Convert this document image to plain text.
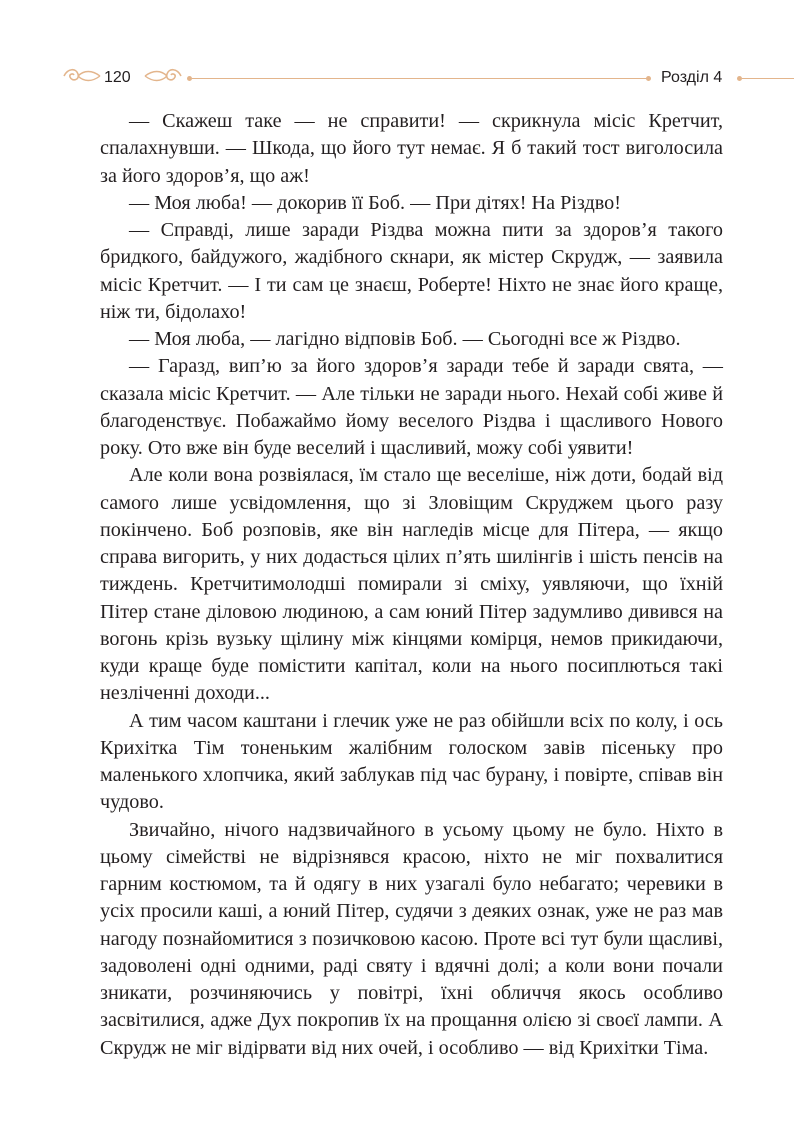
120	Розділ 4

— Скажеш таке — не справити! — скрикнула місіс Кретчит, спалахнувши. — Шкода, що його тут немає. Я б такий тост виголосила за його здоров’я, що аж!

— Моя люба! — докорив її Боб. — При дітях! На Різдво!

— Справді, лише заради Різдва можна пити за здоров’я такого бридкого, байдужого, жадібного скнари, як містер Скрудж, — заявила місіс Кретчит. — І ти сам це знаєш, Роберте! Ніхто не знає його краще, ніж ти, бідолахо!

— Моя люба, — лагідно відповів Боб. — Сьогодні все ж Різдво.

— Гаразд, вип’ю за його здоров’я заради тебе й заради свята, — сказала місіс Кретчит. — Але тільки не заради нього. Нехай собі живе й благоденствує. Побажаймо йому веселого Різдва і щасливого Нового року. Ото вже він буде веселий і щасливий, можу собі уявити!

Але коли вона розвіялася, їм стало ще веселіше, ніж доти, бодай від самого лише усвідомлення, що зі Зловіщим Скруджем цього разу покінчено. Боб розповів, яке він нагледів місце для Пітера, — якщо справа вигорить, у них додасться цілих п’ять шилінгів і шість пенсів на тиждень. Кретчитимолодші помирали зі сміху, уявляючи, що їхній Пітер стане діловою людиною, а сам юний Пітер задумливо дивився на вогонь крізь вузьку щілину між кінцями комірця, немов прикидаючи, куди краще буде помістити капітал, коли на нього посиплються такі незліченні доходи...

А тим часом каштани і глечик уже не раз обійшли всіх по колу, і ось Крихітка Тім тоненьким жалібним голоском завів пісеньку про маленького хлопчика, який заблукав під час бурану, і повірте, співав він чудово.

Звичайно, нічого надзвичайного в усьому цьому не було. Ніхто в цьому сімействі не відрізнявся красою, ніхто не міг похвалитися гарним костюмом, та й одягу в них узагалі було небагато; черевики в усіх просили каші, а юний Пітер, судячи з деяких ознак, уже не раз мав нагоду познайомитися з позичковою касою. Проте всі тут були щасливі, задоволені одні одними, раді святу і вдячні долі; а коли вони почали зникати, розчиняючись у повітрі, їхні обличчя якось особливо засвітилися, адже Дух покропив їх на прощання олією зі своєї лампи. А Скрудж не міг відірвати від них очей, і особливо — від Крихітки Тіма.
